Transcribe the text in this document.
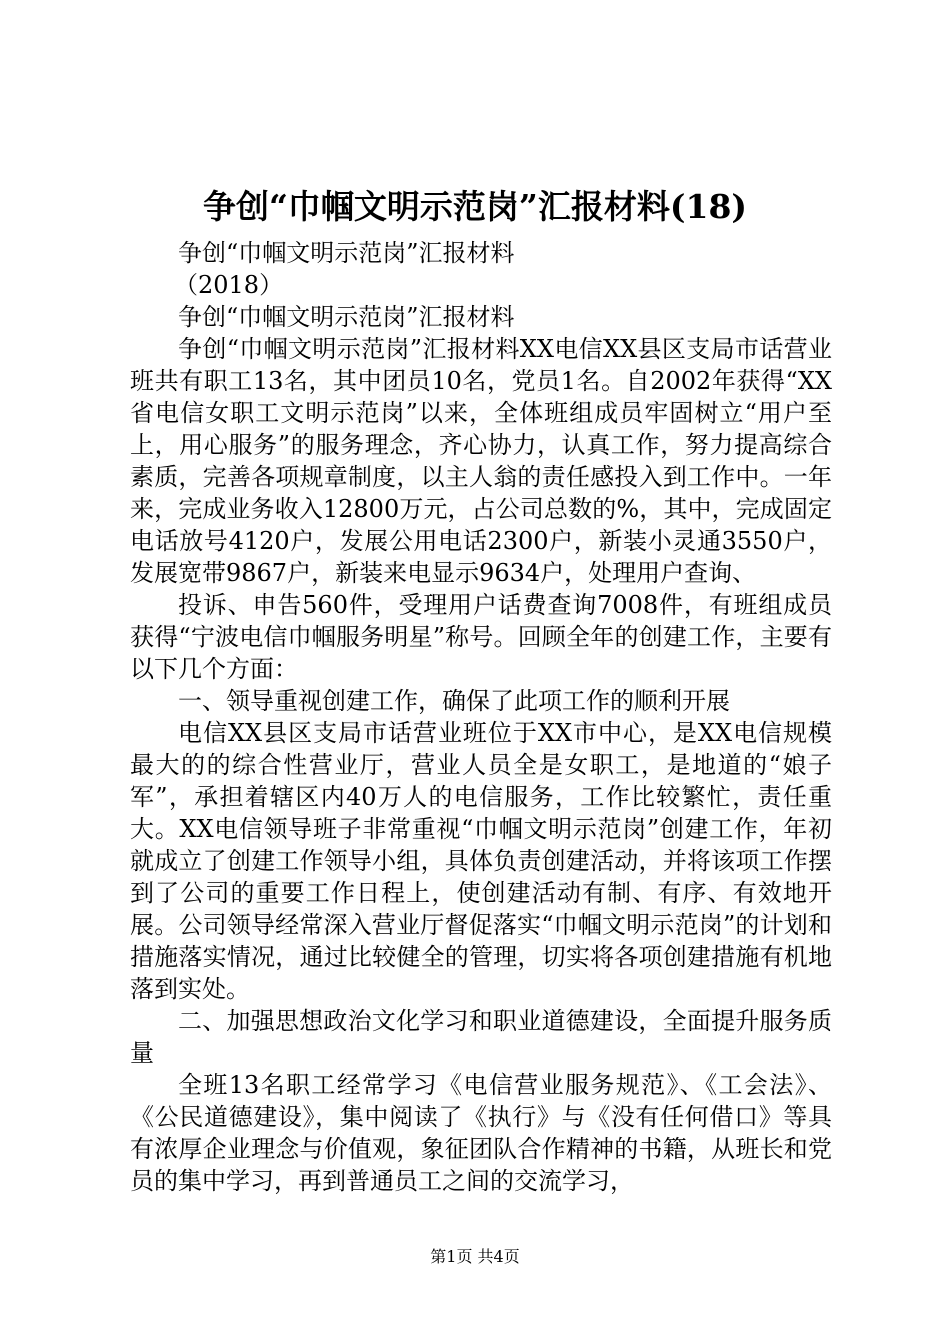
争创“巾帼文明示范岗”汇报材料(18)

争创“巾帼文明示范岗”汇报材料

（2018）

争创“巾帼文明示范岗”汇报材料

争创“巾帼文明示范岗”汇报材料XX电信XX县区支局市话营业班共有职工13名，其中团员10名，党员1名。自2002年获得“XX省电信女职工文明示范岗”以来，全体班组成员牢固树立“用户至上，用心服务”的服务理念，齐心协力，认真工作，努力提高综合素质，完善各项规章制度，以主人翁的责任感投入到工作中。一年来，完成业务收入12800万元，占公司总数的%，其中，完成固定电话放号4120户，发展公用电话2300户，新装小灵通3550户，发展宽带9867户，新装来电显示9634户，处理用户查询、

投诉、申告560件，受理用户话费查询7008件，有班组成员获得“宁波电信巾帼服务明星”称号。回顾全年的创建工作，主要有以下几个方面：

一、领导重视创建工作，确保了此项工作的顺利开展

电信XX县区支局市话营业班位于XX市中心，是XX电信规模最大的的综合性营业厅，营业人员全是女职工，是地道的“娘子军”，承担着辖区内40万人的电信服务，工作比较繁忙，责任重大。XX电信领导班子非常重视“巾帼文明示范岗”创建工作，年初就成立了创建工作领导小组，具体负责创建活动，并将该项工作摆到了公司的重要工作日程上，使创建活动有制、有序、有效地开展。公司领导经常深入营业厅督促落实“巾帼文明示范岗”的计划和措施落实情况，通过比较健全的管理，切实将各项创建措施有机地落到实处。

二、加强思想政治文化学习和职业道德建设，全面提升服务质量

全班13名职工经常学习《电信营业服务规范》、《工会法》、《公民道德建设》，集中阅读了《执行》与《没有任何借口》等具有浓厚企业理念与价值观，象征团队合作精神的书籍，从班长和党员的集中学习，再到普通员工之间的交流学习，

第1页 共4页
